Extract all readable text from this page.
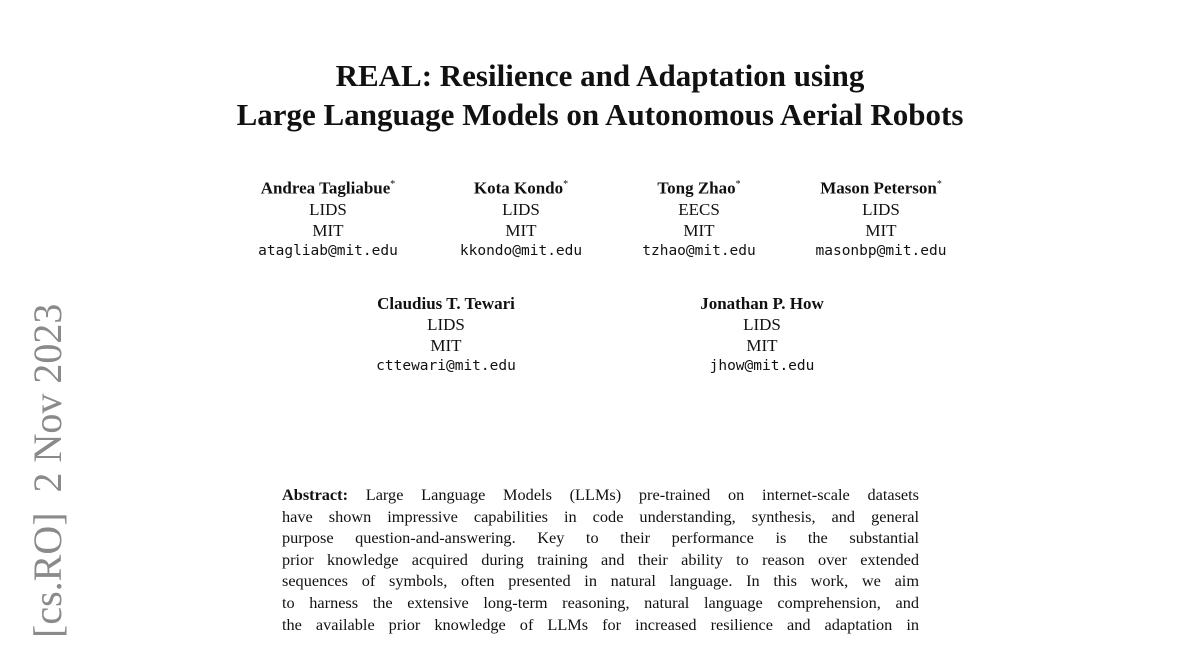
REAL: Resilience and Adaptation using
Large Language Models on Autonomous Aerial Robots
Andrea Tagliabue*
LIDS
MIT
atagliab@mit.edu
Kota Kondo*
LIDS
MIT
kkondo@mit.edu
Tong Zhao*
EECS
MIT
tzhao@mit.edu
Mason Peterson*
LIDS
MIT
masonbp@mit.edu
Claudius T. Tewari
LIDS
MIT
cttewari@mit.edu
Jonathan P. How
LIDS
MIT
jhow@mit.edu
[cs.RO]  2 Nov 2023	Abstract: Large Language Models (LLMs) pre-trained on internet-scale datasets
have shown impressive capabilities in code understanding, synthesis, and general
purpose question-and-answering. Key to their performance is the substantial
prior knowledge acquired during training and their ability to reason over extended
sequences of symbols, often presented in natural language. In this work, we aim
to harness the extensive long-term reasoning, natural language comprehension, and
the available prior knowledge of LLMs for increased resilience and adaptation in
